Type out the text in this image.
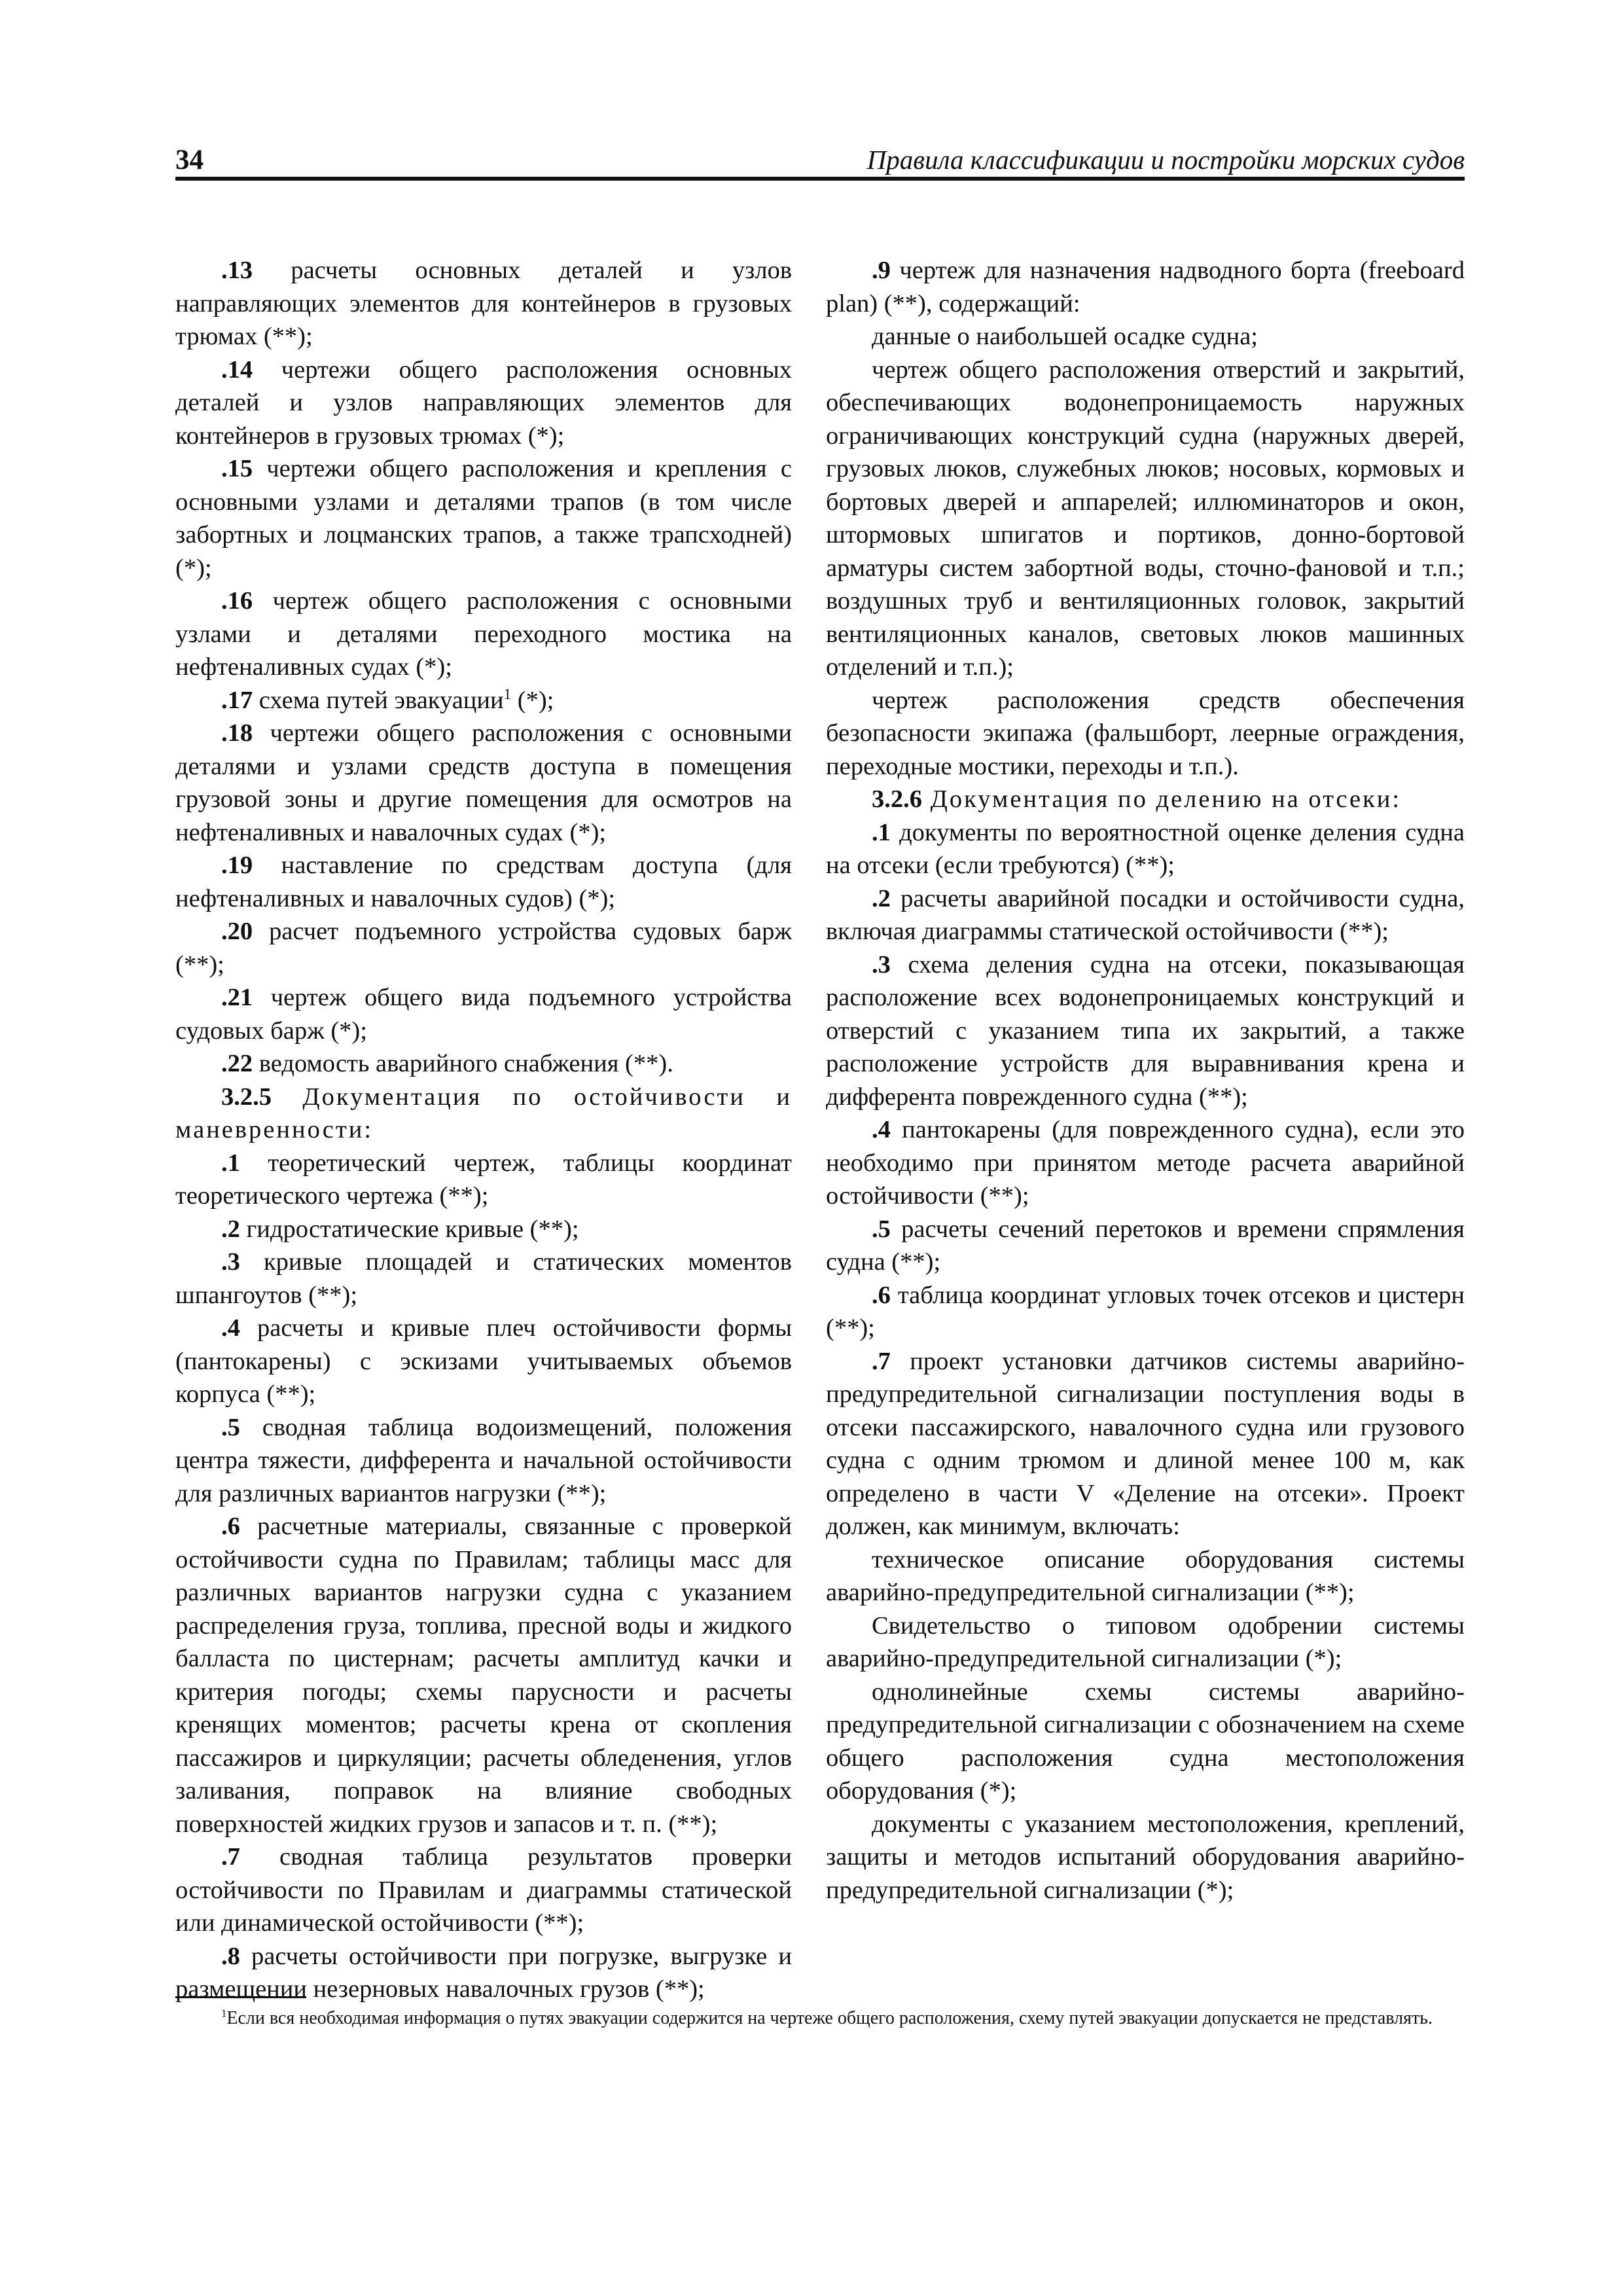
34	Правила классификации и постройки морских судов

.13 расчеты основных деталей и узлов направляющих элементов для контейнеров в грузовых трюмах (**);

.14 чертежи общего расположения основных деталей и узлов направляющих элементов для контейнеров в грузовых трюмах (*);

.15 чертежи общего расположения и крепления с основными узлами и деталями трапов (в том числе забортных и лоцманских трапов, а также трапсходней) (*);

.16 чертеж общего расположения с основными узлами и деталями переходного мостика на нефтеналивных судах (*);

.17 схема путей эвакуации$^1$ (*);

.18 чертежи общего расположения с основными деталями и узлами средств доступа в помещения грузовой зоны и другие помещения для осмотров на нефтеналивных и навалочных судах (*);

.19 наставление по средствам доступа (для нефтеналивных и навалочных судов) (*);

.20 расчет подъемного устройства судовых барж (**);

.21 чертеж общего вида подъемного устройства судовых барж (*);

.22 ведомость аварийного снабжения (**).

3.2.5 Документация по остойчивости и маневренности:

.1 теоретический чертеж, таблицы координат теоретического чертежа (**);

.2 гидростатические кривые (**);

.3 кривые площадей и статических моментов шпангоутов (**);

.4 расчеты и кривые плеч остойчивости формы (пантокарены) с эскизами учитываемых объемов корпуса (**);

.5 сводная таблица водоизмещений, положения центра тяжести, дифферента и начальной остойчивости для различных вариантов нагрузки (**);

.6 расчетные материалы, связанные с проверкой остойчивости судна по Правилам; таблицы масс для различных вариантов нагрузки судна с указанием распределения груза, топлива, пресной воды и жидкого балласта по цистернам; расчеты амплитуд качки и критерия погоды; схемы парусности и расчеты кренящих моментов; расчеты крена от скопления пассажиров и циркуляции; расчеты обледенения, углов заливания, поправок на влияние свободных поверхностей жидких грузов и запасов и т. п. (**);

.7 сводная таблица результатов проверки остойчивости по Правилам и диаграммы статической или динамической остойчивости (**);

.8 расчеты остойчивости при погрузке, выгрузке и размещении незерновых навалочных грузов (**);

.9 чертеж для назначения надводного борта (freeboard plan) (**), содержащий:

данные о наибольшей осадке судна;

чертеж общего расположения отверстий и закрытий, обеспечивающих водонепроницаемость наружных ограничивающих конструкций судна (наружных дверей, грузовых люков, служебных люков; носовых, кормовых и бортовых дверей и аппарелей; иллюминаторов и окон, штормовых шпигатов и портиков, донно-бортовой арматуры систем забортной воды, сточно-фановой и т.п.; воздушных труб и вентиляционных головок, закрытий вентиляционных каналов, световых люков машинных отделений и т.п.);

чертеж расположения средств обеспечения безопасности экипажа (фальшборт, леерные ограждения, переходные мостики, переходы и т.п.).

3.2.6 Документация по делению на отсеки:

.1 документы по вероятностной оценке деления судна на отсеки (если требуются) (**);

.2 расчеты аварийной посадки и остойчивости судна, включая диаграммы статической остойчивости (**);

.3 схема деления судна на отсеки, показывающая расположение всех водонепроницаемых конструкций и отверстий с указанием типа их закрытий, а также расположение устройств для выравнивания крена и дифферента поврежденного судна (**);

.4 пантокарены (для поврежденного судна), если это необходимо при принятом методе расчета аварийной остойчивости (**);

.5 расчеты сечений перетоков и времени спрямления судна (**);

.6 таблица координат угловых точек отсеков и цистерн (**);

.7 проект установки датчиков системы аварийно-предупредительной сигнализации поступления воды в отсеки пассажирского, навалочного судна или грузового судна с одним трюмом и длиной менее 100 м, как определено в части V «Деление на отсеки». Проект должен, как минимум, включать:

техническое описание оборудования системы аварийно-предупредительной сигнализации (**);

Свидетельство о типовом одобрении системы аварийно-предупредительной сигнализации (*);

однолинейные схемы системы аварийно-предупредительной сигнализации с обозначением на схеме общего расположения судна местоположения оборудования (*);

документы с указанием местоположения, креплений, защиты и методов испытаний оборудования аварийно-предупредительной сигнализации (*);

$^1$Если вся необходимая информация о путях эвакуации содержится на чертеже общего расположения, схему путей эвакуации допускается не представлять.
